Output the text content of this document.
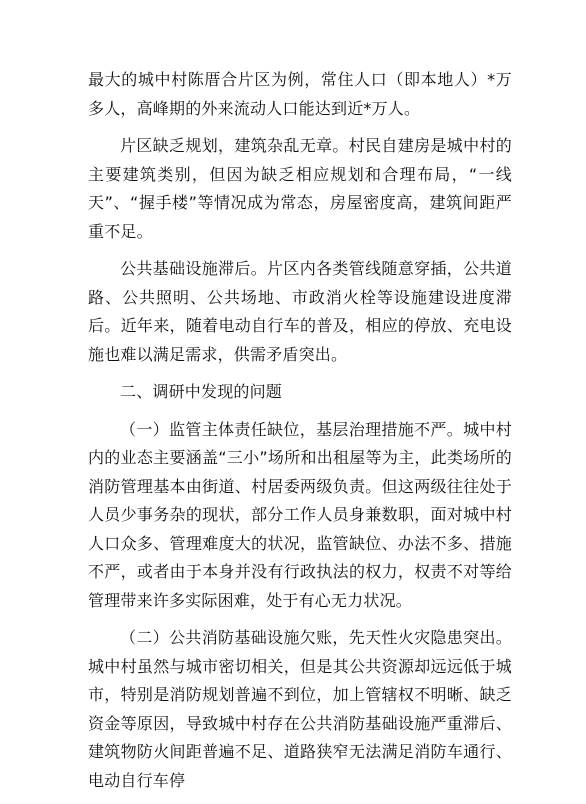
最大的城中村陈厝合片区为例，常住人口（即本地人）*万多人，高峰期的外来流动人口能达到近*万人。

片区缺乏规划，建筑杂乱无章。村民自建房是城中村的主要建筑类别，但因为缺乏相应规划和合理布局，“一线天”、“握手楼”等情况成为常态，房屋密度高，建筑间距严重不足。

公共基础设施滞后。片区内各类管线随意穿插，公共道路、公共照明、公共场地、市政消火栓等设施建设进度滞后。近年来，随着电动自行车的普及，相应的停放、充电设施也难以满足需求，供需矛盾突出。

二、调研中发现的问题

（一）监管主体责任缺位，基层治理措施不严。城中村内的业态主要涵盖“三小”场所和出租屋等为主，此类场所的消防管理基本由街道、村居委两级负责。但这两级往往处于人员少事务杂的现状，部分工作人员身兼数职，面对城中村人口众多、管理难度大的状况，监管缺位、办法不多、措施不严，或者由于本身并没有行政执法的权力，权责不对等给管理带来许多实际困难，处于有心无力状况。

（二）公共消防基础设施欠账，先天性火灾隐患突出。城中村虽然与城市密切相关，但是其公共资源却远远低于城市，特别是消防规划普遍不到位，加上管辖权不明晰、缺乏资金等原因，导致城中村存在公共消防基础设施严重滞后、建筑物防火间距普遍不足、道路狭窄无法满足消防车通行、电动自行车停
